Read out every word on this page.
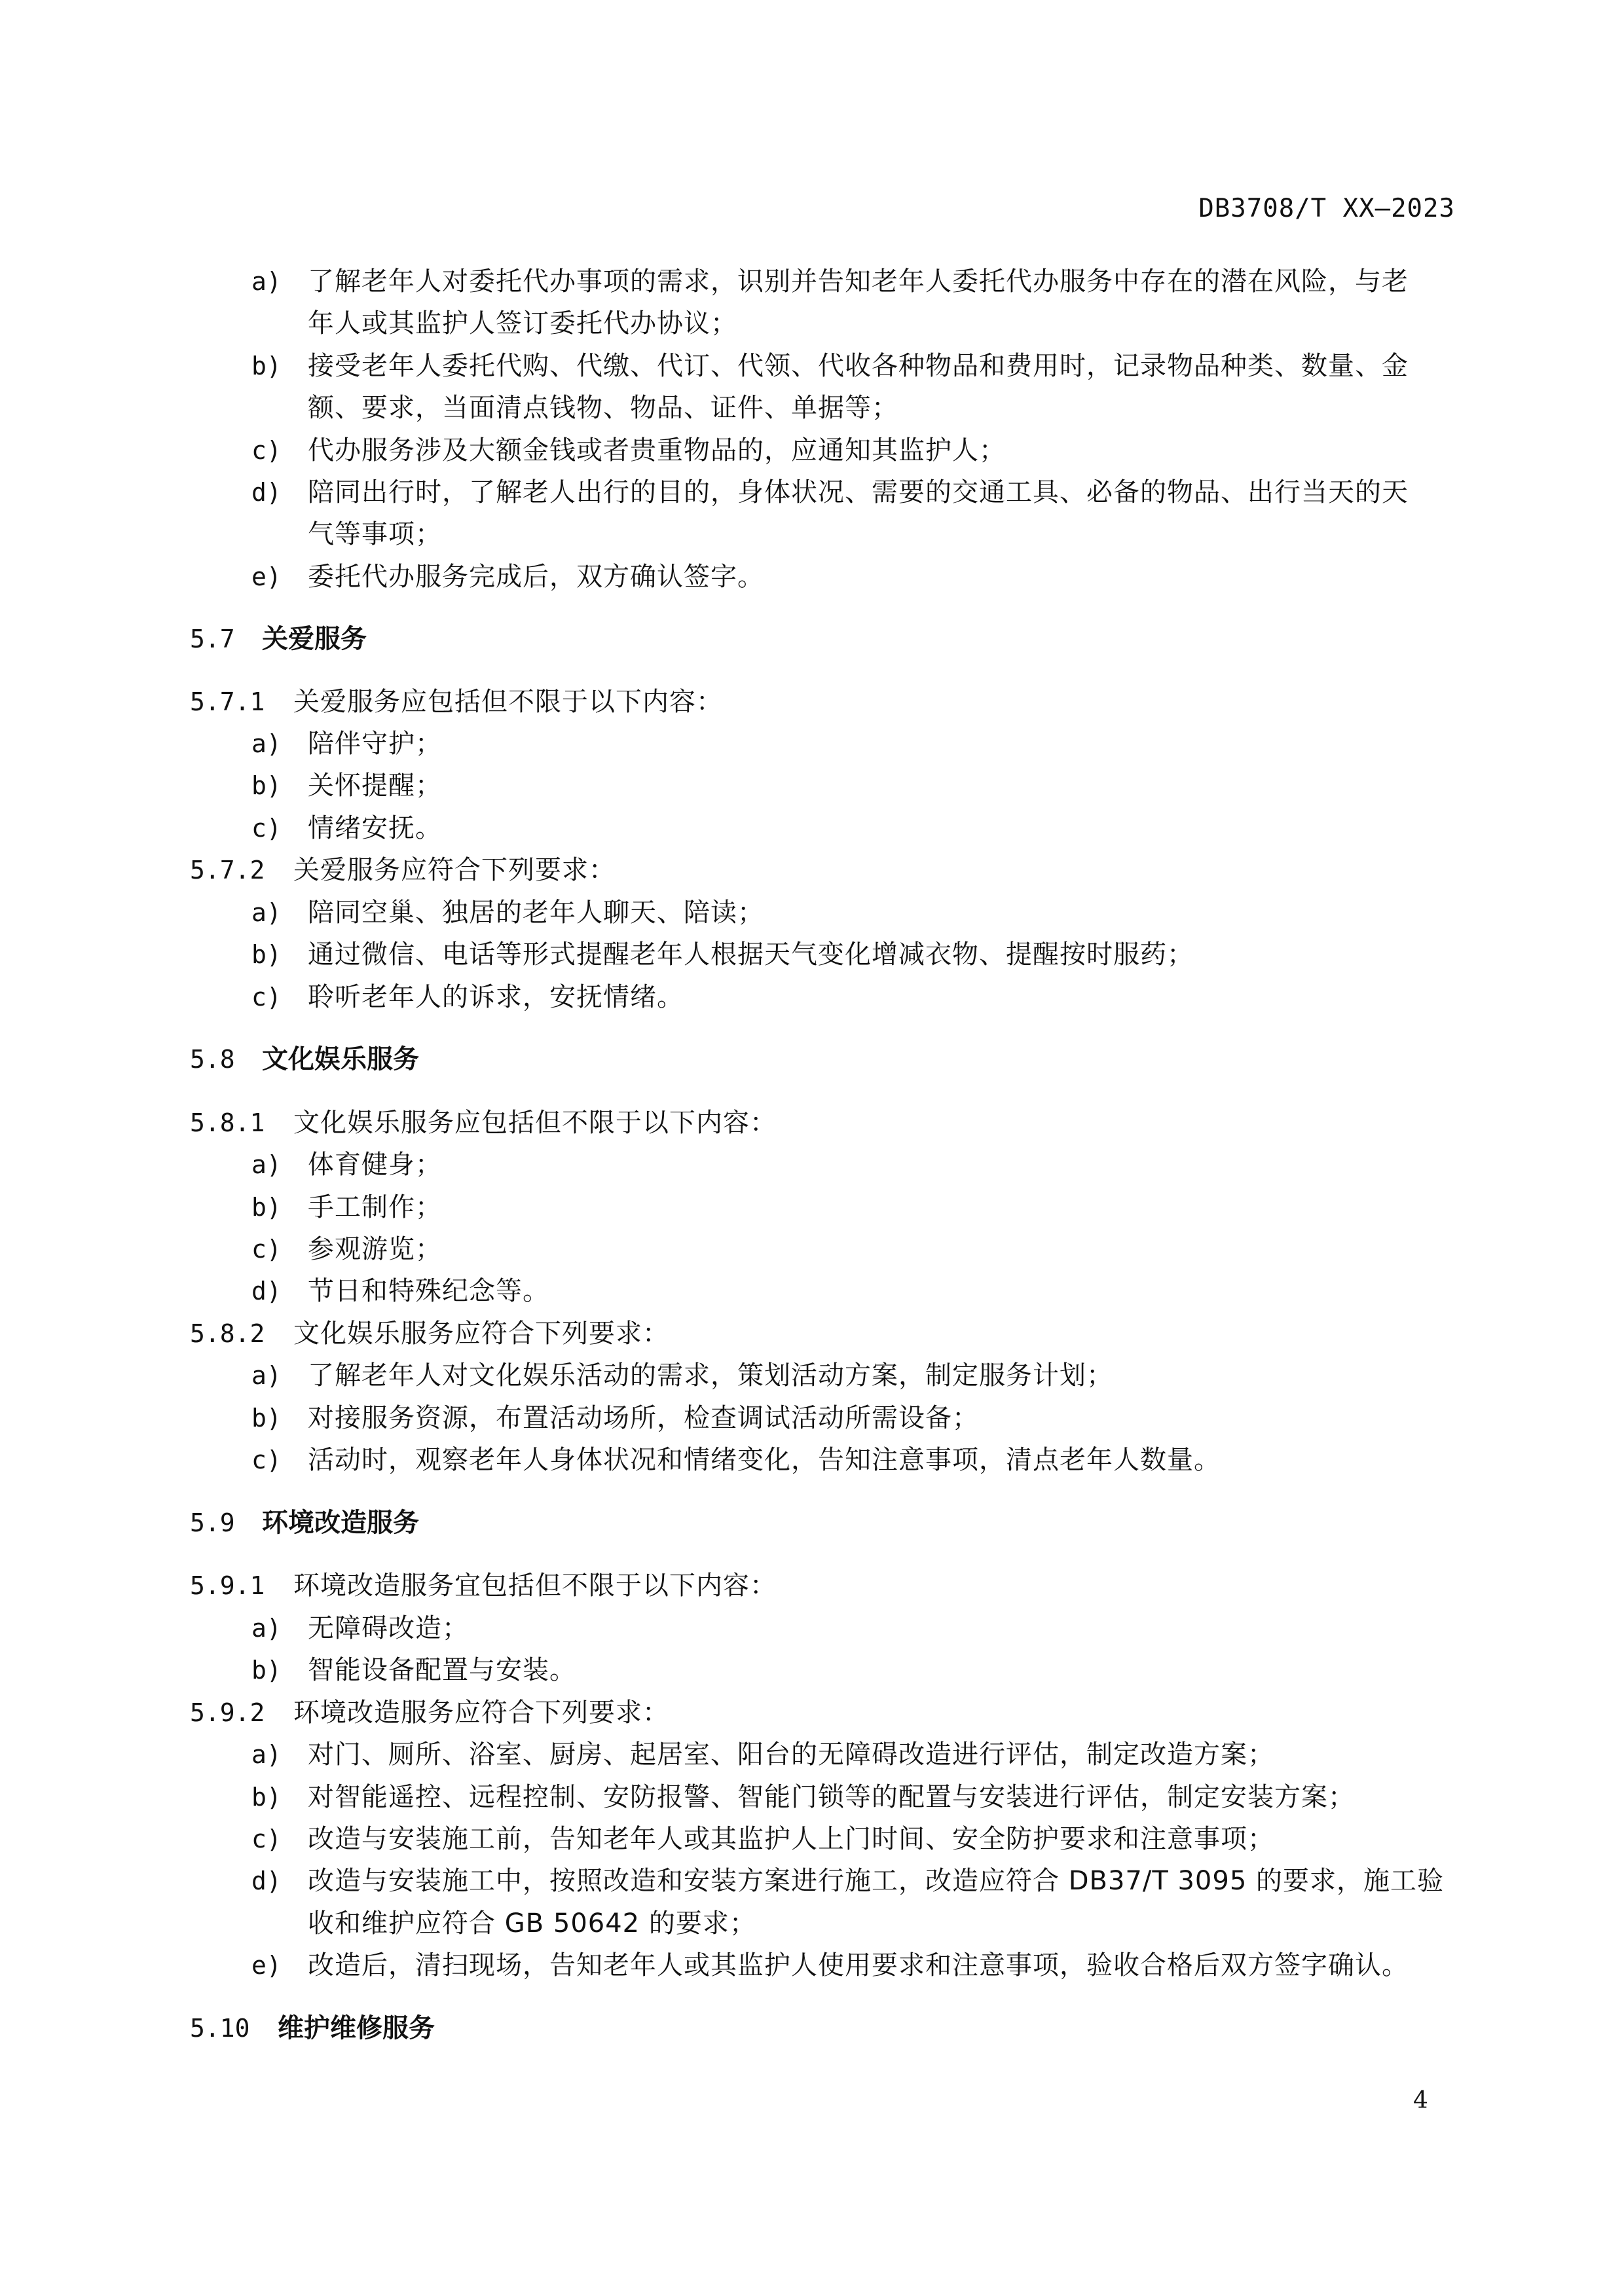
DB3708/T XX—2023
a) 了解老年人对委托代办事项的需求，识别并告知老年人委托代办服务中存在的潜在风险，与老
年人或其监护人签订委托代办协议；
b) 接受老年人委托代购、代缴、代订、代领、代收各种物品和费用时，记录物品种类、数量、金
额、要求，当面清点钱物、物品、证件、单据等；
c) 代办服务涉及大额金钱或者贵重物品的，应通知其监护人；
d) 陪同出行时，了解老人出行的目的，身体状况、需要的交通工具、必备的物品、出行当天的天
气等事项；
e) 委托代办服务完成后，双方确认签字。
5.7 关爱服务
5.7.1 关爱服务应包括但不限于以下内容：
a) 陪伴守护；
b) 关怀提醒；
c) 情绪安抚。
5.7.2 关爱服务应符合下列要求：
a) 陪同空巢、独居的老年人聊天、陪读；
b) 通过微信、电话等形式提醒老年人根据天气变化增减衣物、提醒按时服药；
c) 聆听老年人的诉求，安抚情绪。
5.8 文化娱乐服务
5.8.1 文化娱乐服务应包括但不限于以下内容：
a) 体育健身；
b) 手工制作；
c) 参观游览；
d) 节日和特殊纪念等。
5.8.2 文化娱乐服务应符合下列要求：
a) 了解老年人对文化娱乐活动的需求，策划活动方案，制定服务计划；
b) 对接服务资源，布置活动场所，检查调试活动所需设备；
c) 活动时，观察老年人身体状况和情绪变化，告知注意事项，清点老年人数量。
5.9 环境改造服务
5.9.1 环境改造服务宜包括但不限于以下内容：
a) 无障碍改造；
b) 智能设备配置与安装。
5.9.2 环境改造服务应符合下列要求：
a) 对门、厕所、浴室、厨房、起居室、阳台的无障碍改造进行评估，制定改造方案；
b) 对智能遥控、远程控制、安防报警、智能门锁等的配置与安装进行评估，制定安装方案；
c) 改造与安装施工前，告知老年人或其监护人上门时间、安全防护要求和注意事项；
d) 改造与安装施工中，按照改造和安装方案进行施工，改造应符合 DB37/T 3095 的要求，施工验
收和维护应符合 GB 50642 的要求；
e) 改造后，清扫现场，告知老年人或其监护人使用要求和注意事项，验收合格后双方签字确认。
5.10 维护维修服务
4
